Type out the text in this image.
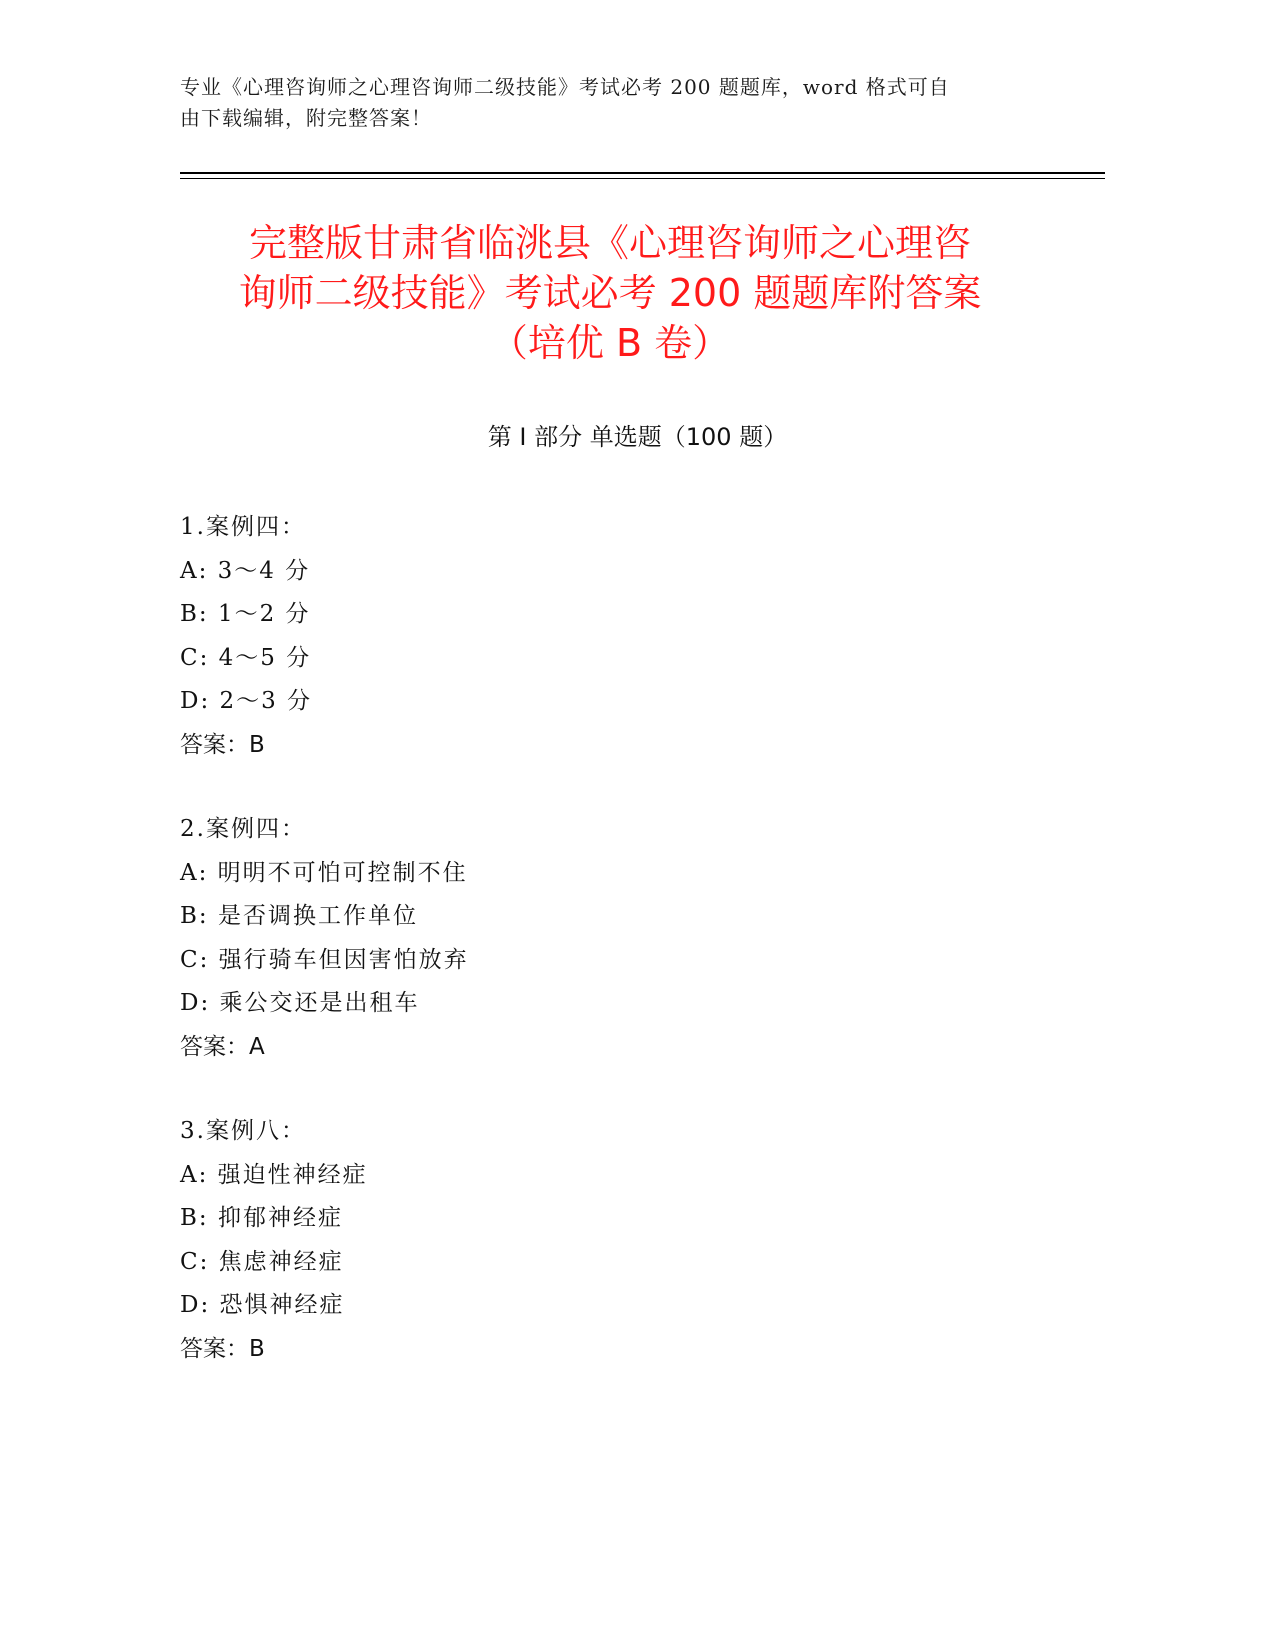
专业《心理咨询师之心理咨询师二级技能》考试必考 200 题题库，word 格式可自
由下载编辑，附完整答案！
完整版甘肃省临洮县《心理咨询师之心理咨
询师二级技能》考试必考 200 题题库附答案
（培优 B 卷）
第 I 部分 单选题（100 题）
1.案例四：
A: 3～4 分
B: 1～2 分
C: 4～5 分
D: 2～3 分
答案：B
2.案例四：
A: 明明不可怕可控制不住
B: 是否调换工作单位
C: 强行骑车但因害怕放弃
D: 乘公交还是出租车
答案：A
3.案例八：
A: 强迫性神经症
B: 抑郁神经症
C: 焦虑神经症
D: 恐惧神经症
答案：B
